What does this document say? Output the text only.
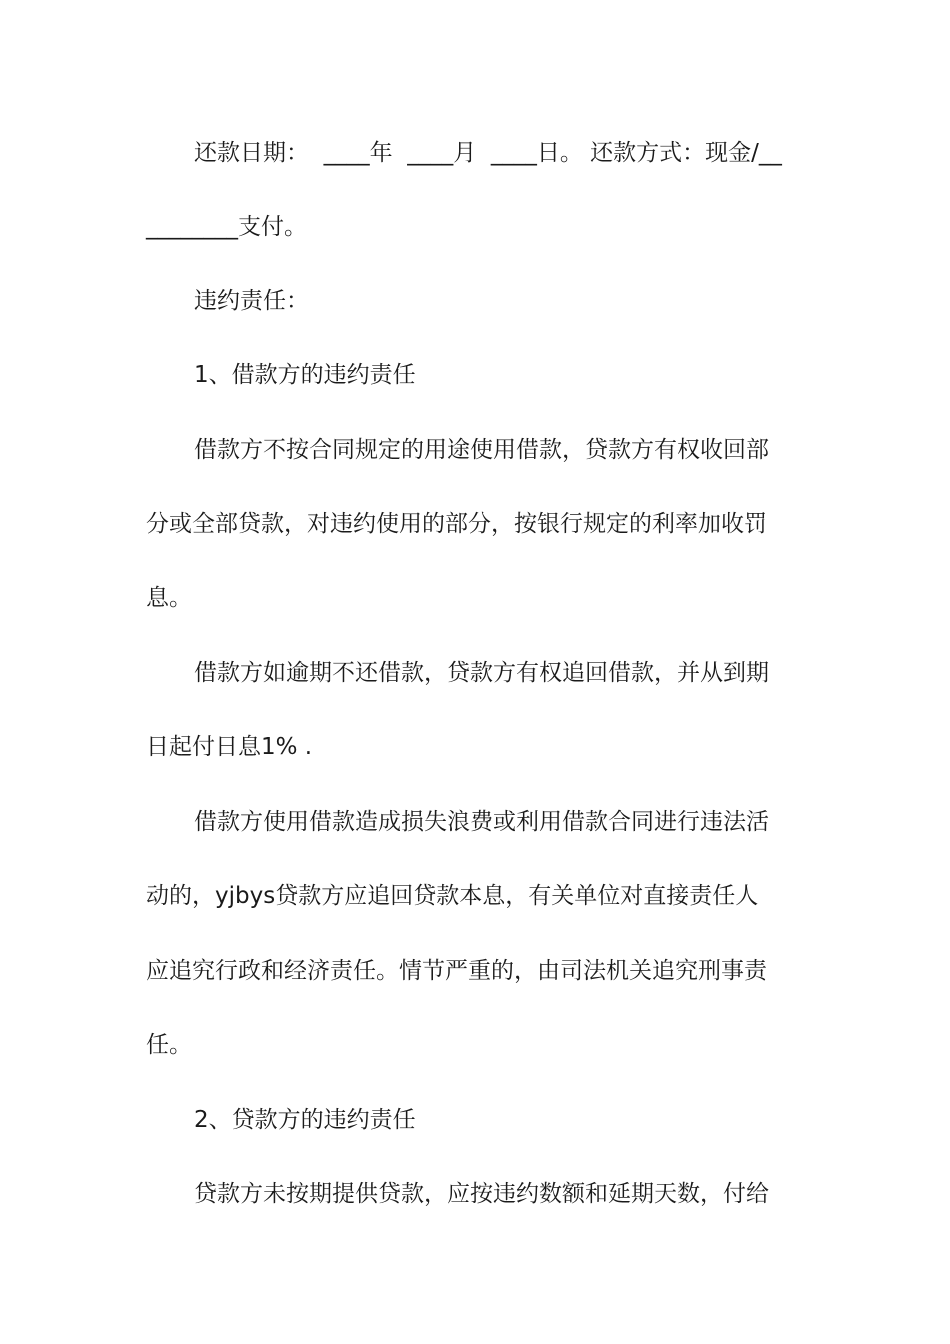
还款日期：  ____年  ____月  ____日。 还款方式：现金/__
________支付。
违约责任：
1、借款方的违约责任
借款方不按合同规定的用途使用借款，贷款方有权收回部
分或全部贷款，对违约使用的部分，按银行规定的利率加收罚
息。
借款方如逾期不还借款，贷款方有权追回借款，并从到期
日起付日息1% .
借款方使用借款造成损失浪费或利用借款合同进行违法活
动的，yjbys贷款方应追回贷款本息，有关单位对直接责任人
应追究行政和经济责任。情节严重的，由司法机关追究刑事责
任。
2、贷款方的违约责任
贷款方未按期提供贷款，应按违约数额和延期天数，付给
